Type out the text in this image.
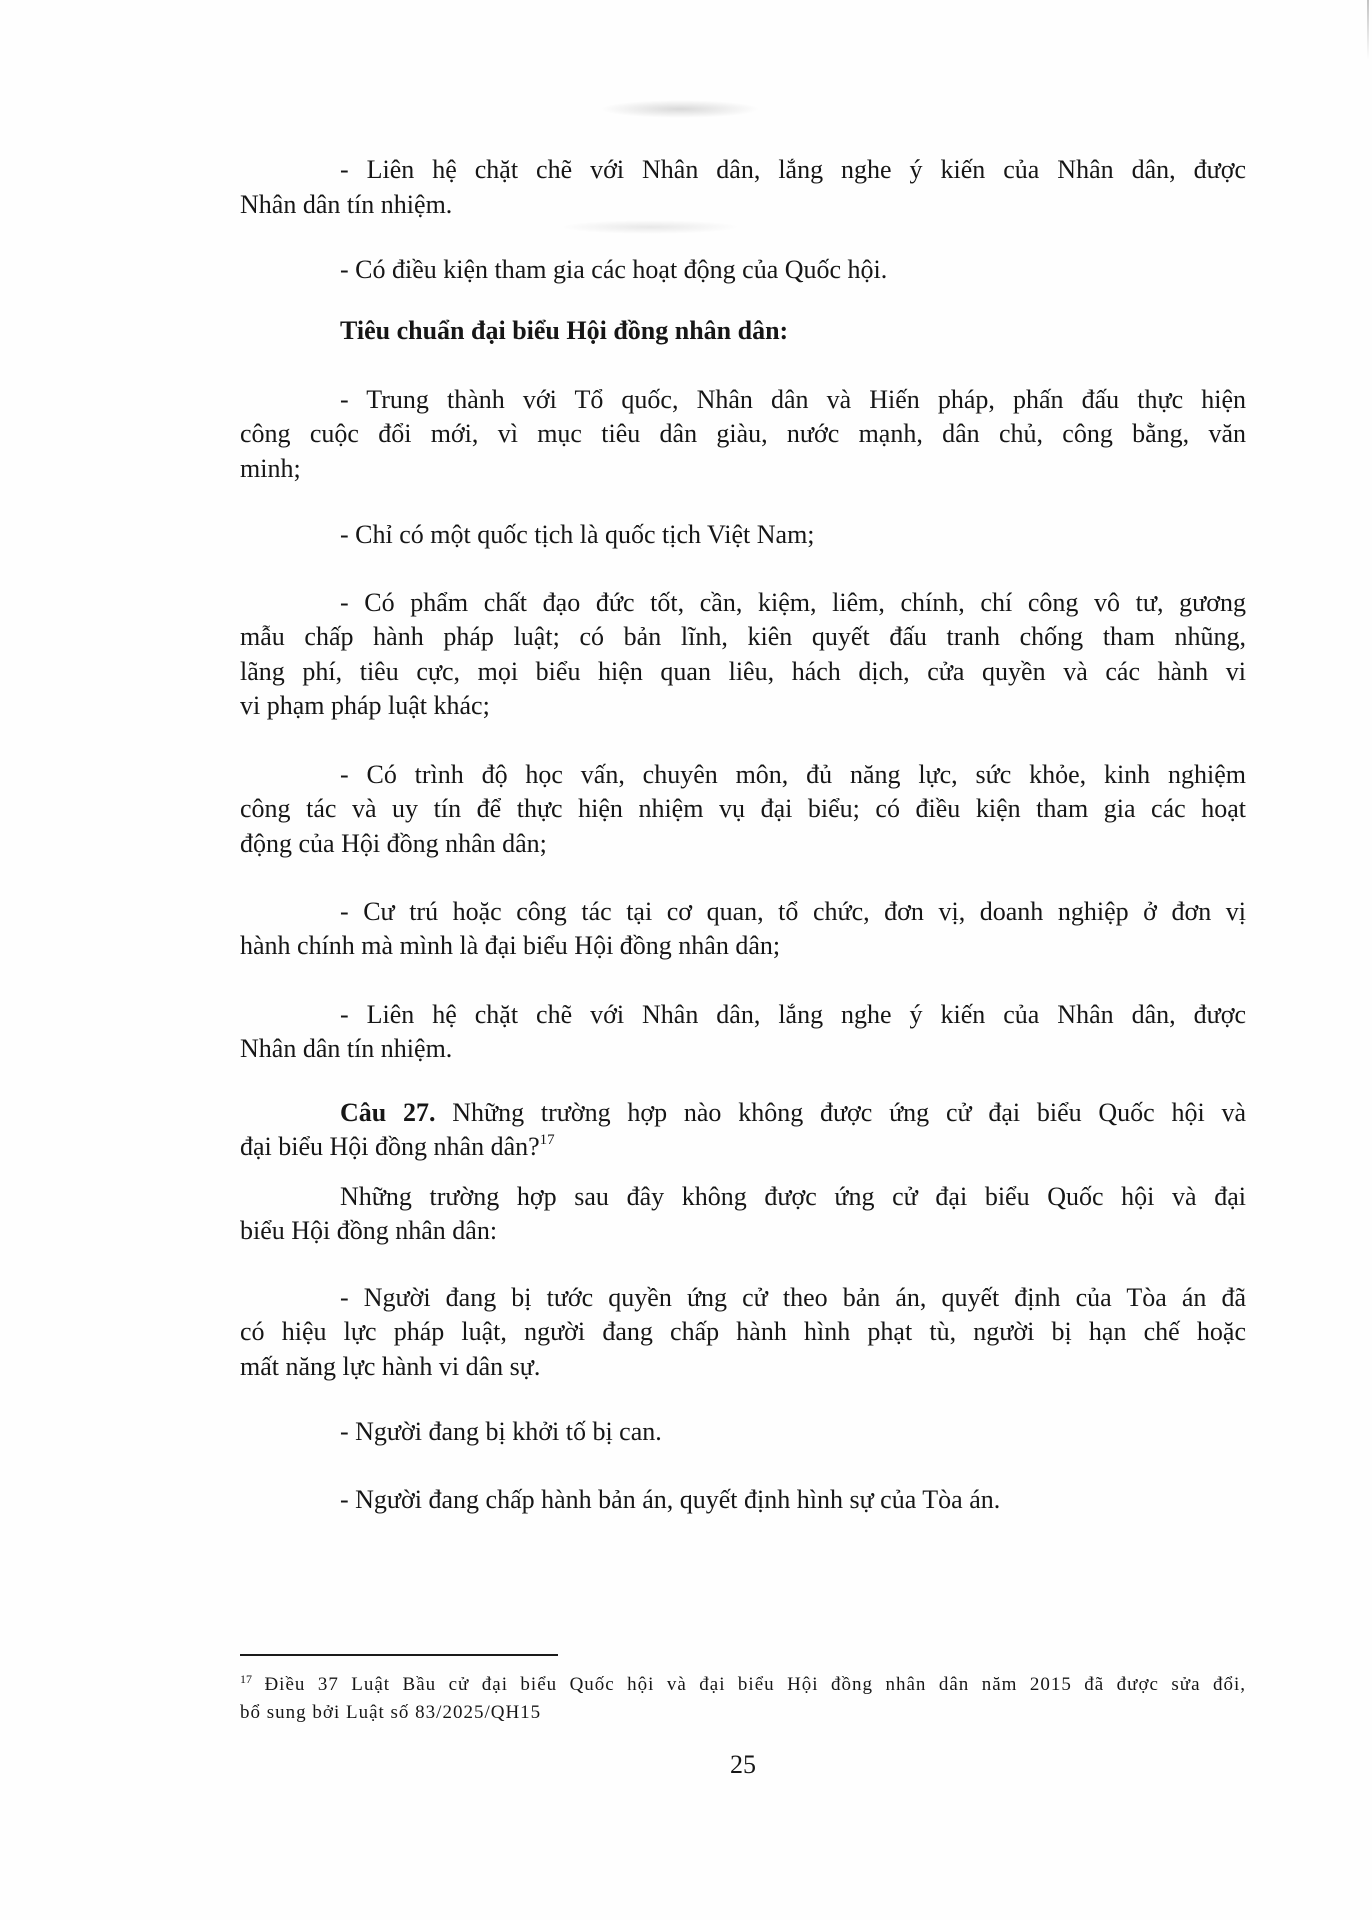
- Liên hệ chặt chẽ với Nhân dân, lắng nghe ý kiến của Nhân dân, được
Nhân dân tín nhiệm.
- Có điều kiện tham gia các hoạt động của Quốc hội.
Tiêu chuẩn đại biểu Hội đồng nhân dân:
- Trung thành với Tổ quốc, Nhân dân và Hiến pháp, phấn đấu thực hiện
công cuộc đổi mới, vì mục tiêu dân giàu, nước mạnh, dân chủ, công bằng, văn
minh;
- Chỉ có một quốc tịch là quốc tịch Việt Nam;
- Có phẩm chất đạo đức tốt, cần, kiệm, liêm, chính, chí công vô tư, gương
mẫu chấp hành pháp luật; có bản lĩnh, kiên quyết đấu tranh chống tham nhũng,
lãng phí, tiêu cực, mọi biểu hiện quan liêu, hách dịch, cửa quyền và các hành vi
vi phạm pháp luật khác;
- Có trình độ học vấn, chuyên môn, đủ năng lực, sức khỏe, kinh nghiệm
công tác và uy tín để thực hiện nhiệm vụ đại biểu; có điều kiện tham gia các hoạt
động của Hội đồng nhân dân;
- Cư trú hoặc công tác tại cơ quan, tổ chức, đơn vị, doanh nghiệp ở đơn vị
hành chính mà mình là đại biểu Hội đồng nhân dân;
- Liên hệ chặt chẽ với Nhân dân, lắng nghe ý kiến của Nhân dân, được
Nhân dân tín nhiệm.
Câu 27. Những trường hợp nào không được ứng cử đại biểu Quốc hội và
đại biểu Hội đồng nhân dân?$^{17}$
Những trường hợp sau đây không được ứng cử đại biểu Quốc hội và đại
biểu Hội đồng nhân dân:
- Người đang bị tước quyền ứng cử theo bản án, quyết định của Tòa án đã
có hiệu lực pháp luật, người đang chấp hành hình phạt tù, người bị hạn chế hoặc
mất năng lực hành vi dân sự.
- Người đang bị khởi tố bị can.
- Người đang chấp hành bản án, quyết định hình sự của Tòa án.
$^{17}$ Điều 37 Luật Bầu cử đại biểu Quốc hội và đại biểu Hội đồng nhân dân năm 2015 đã được sửa đổi,
bổ sung bởi Luật số 83/2025/QH15
25
